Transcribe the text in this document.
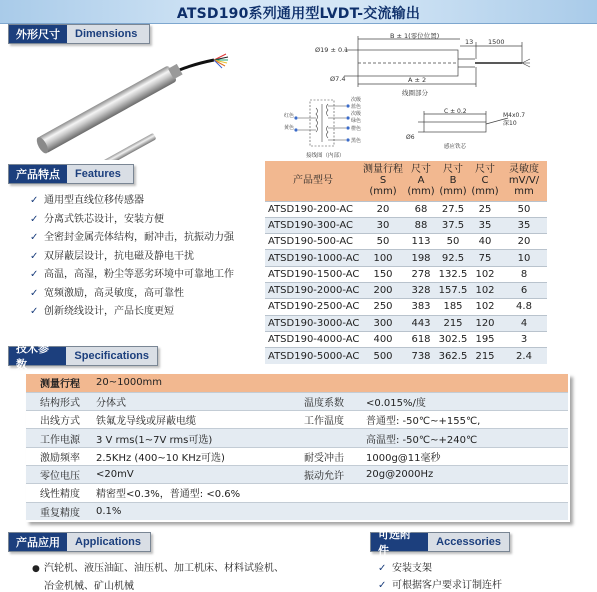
ATSD190系列通用型LVDT-交流输出
外形尺寸	Dimensions	B ± 1(零位位置)
13 1500
Ø19 ± 0.1
Ø7.4	A ± 2
线圈部分
红色
黄色
次级
蓝色
次级
绿色
橙色
黑色
接线图（内部）
C ± 0.2
M4x0.7
深10
Ø6
感应铁芯
产品特点	Features
✓ 通用型直线位移传感器
✓ 分离式铁芯设计，安装方便
✓ 全密封金属壳体结构，耐冲击，抗振动力强
✓ 双屏蔽层设计，抗电磁及静电干扰
✓ 高温，高湿，粉尘等恶劣环境中可靠地工作
✓ 宽频激励，高灵敏度，高可靠性
✓ 创新绕线设计，产品长度更短
产品型号	测量行程
S
(mm)	尺寸
A
(mm)	尺寸
B
(mm)	尺寸
C
(mm)	灵敏度
mV/V/
mm
ATSD190-200-AC	20	68	27.5	25	50
ATSD190-300-AC	30	88	37.5	35	35
ATSD190-500-AC	50	113	50	40	20
ATSD190-1000-AC	100	198	92.5	75	10
ATSD190-1500-AC	150	278	132.5	102	8
ATSD190-2000-AC	200	328	157.5	102	6
ATSD190-2500-AC	250	383	185	102	4.8
ATSD190-3000-AC	300	443	215	120	4
ATSD190-4000-AC	400	618	302.5	195	3
ATSD190-5000-AC	500	738	362.5	215	2.4
技术参数
Specifications
测量行程	20~1000mm		
结构形式	分体式	温度系数	<0.015%/度
出线方式	铁氟龙导线或屏蔽电缆	工作温度	普通型: -50℃~+155℃,
工作电源	3 V rms(1~7V rms可选)		高温型: -50℃~+240℃
激励频率	2.5KHz (400~10 KHz可选)	耐受冲击	1000g@11毫秒
零位电压	<20mV	振动允许	20g@2000Hz
线性精度	精密型<0.3%，普通型: <0.6%		
重复精度	0.1%		
产品应用	Applications
● 汽轮机、液压油缸、油压机、加工机床、材料试验机、
冶金机械、矿山机械
可选附件
Accessories
✓ 安装支架
✓ 可根据客户要求订制连杆
